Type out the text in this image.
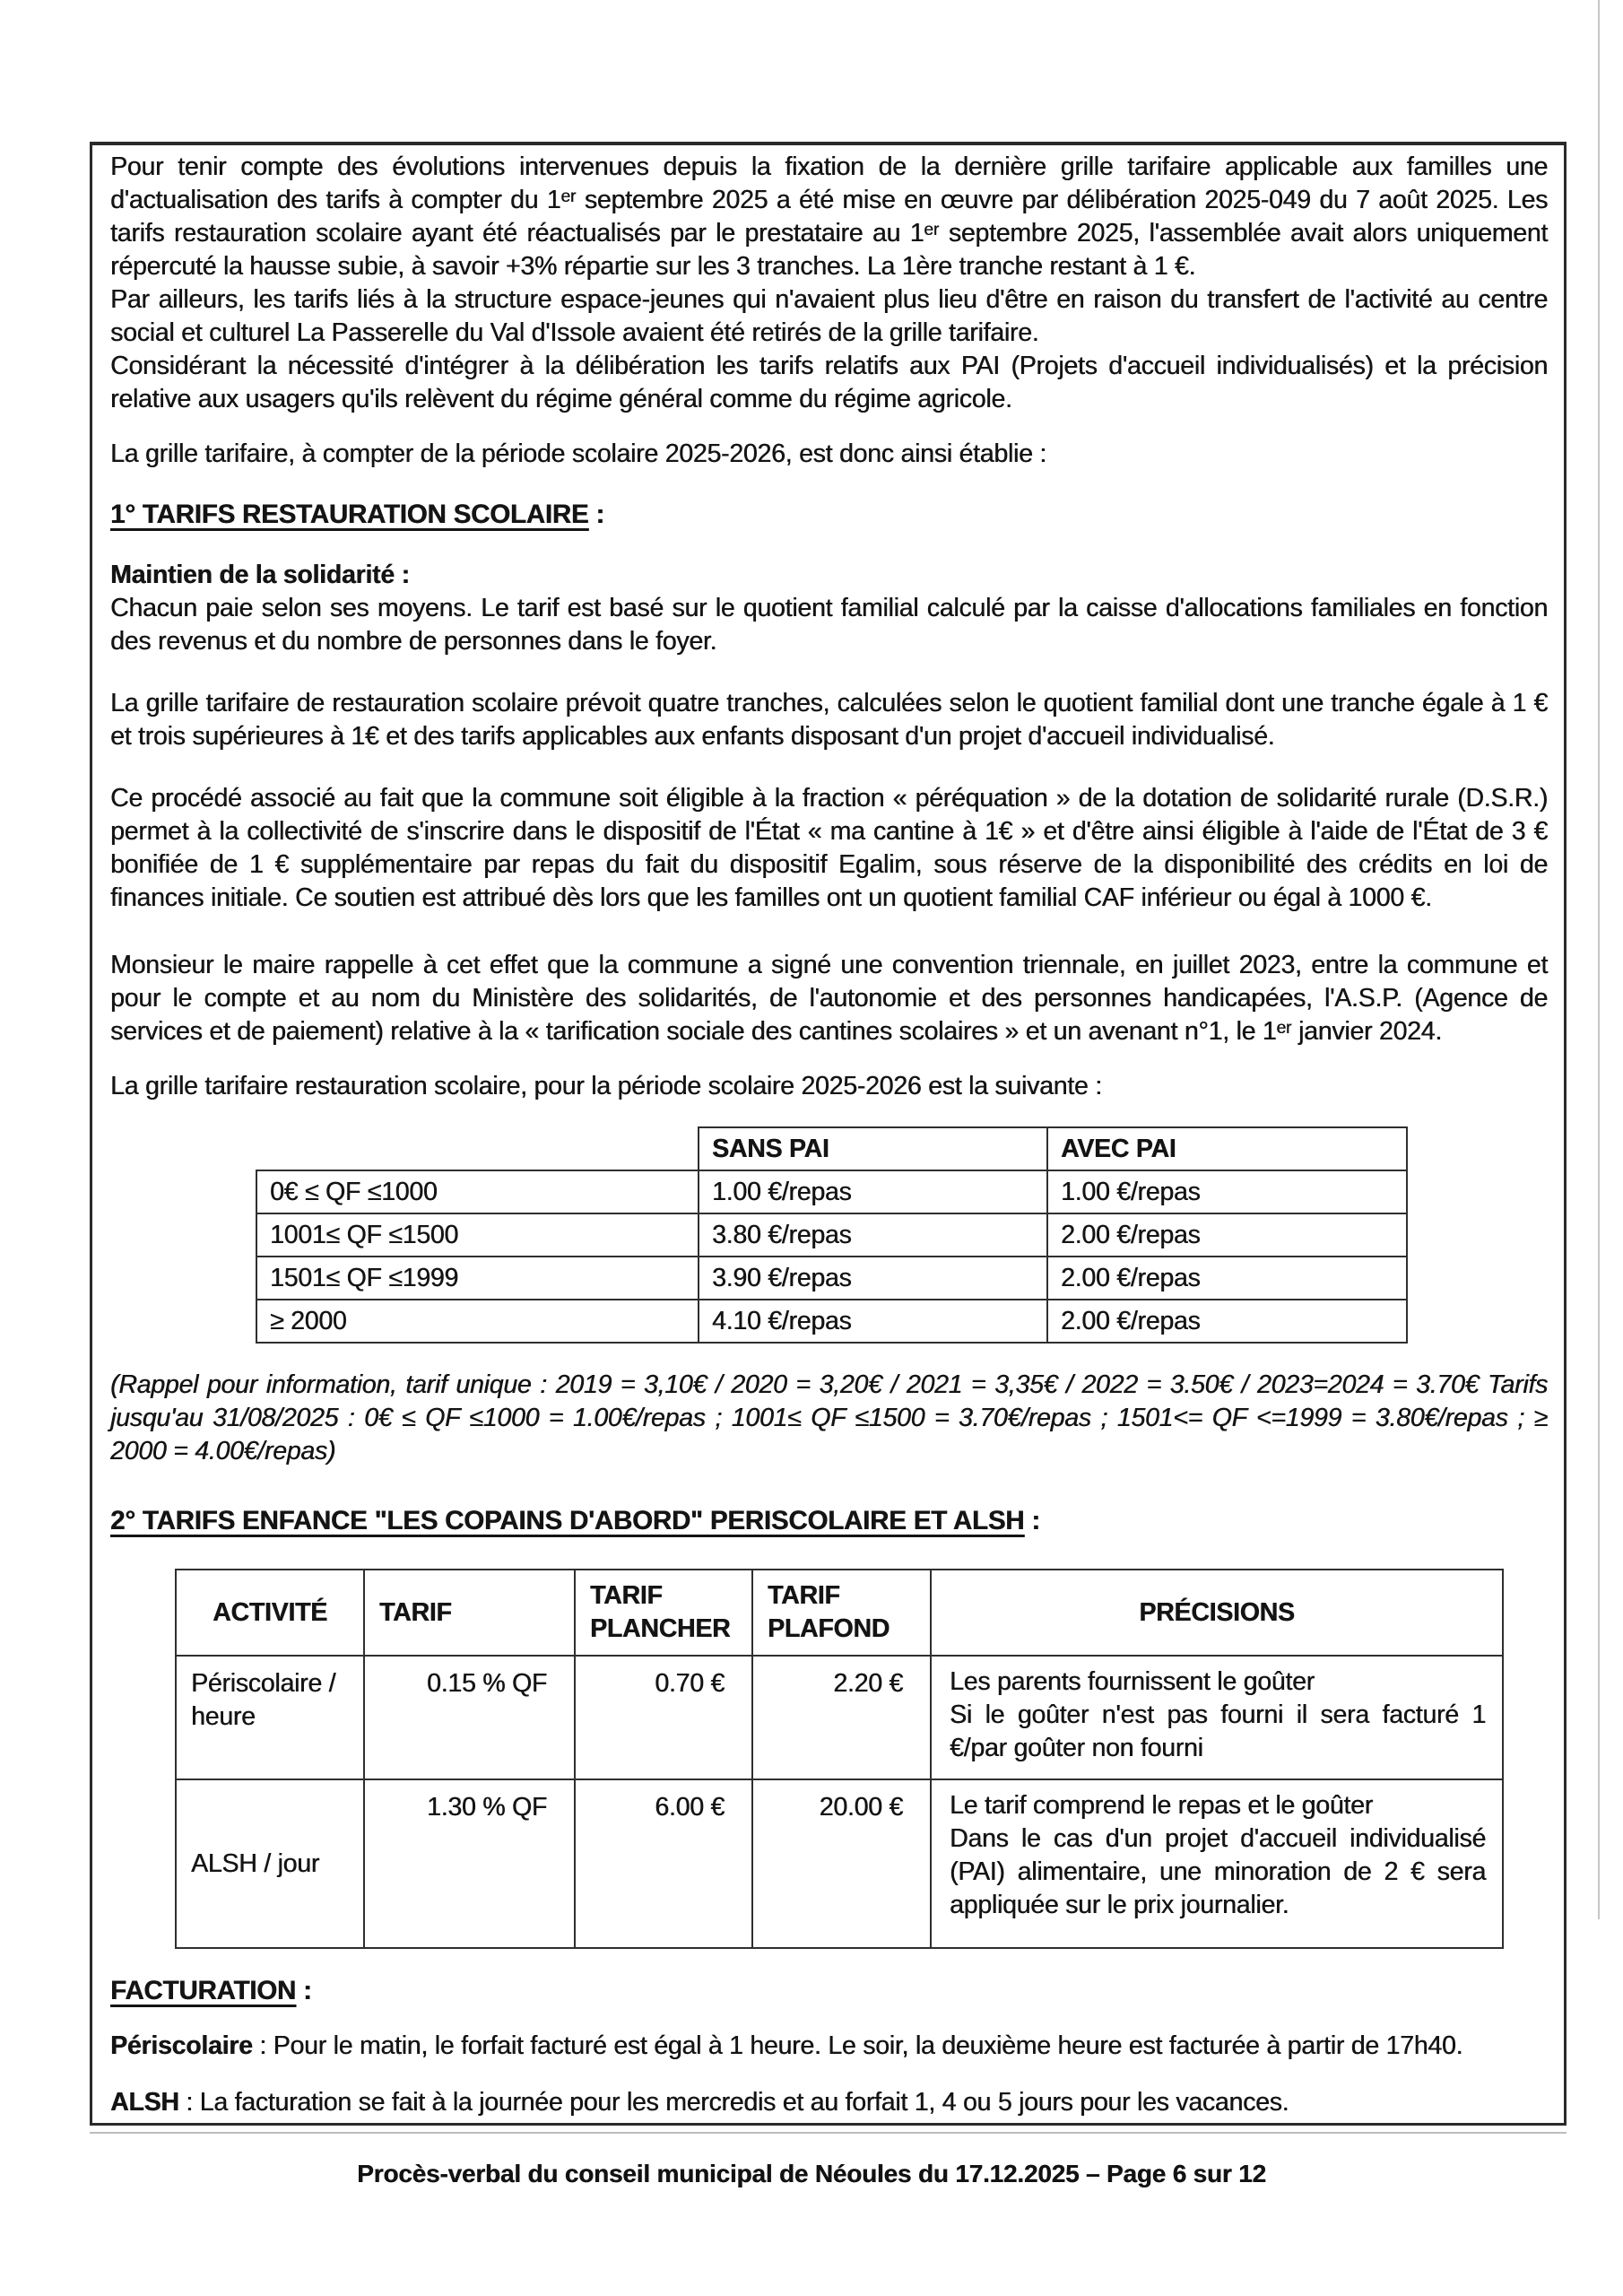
Pour tenir compte des évolutions intervenues depuis la fixation de la dernière grille tarifaire applicable aux familles une d'actualisation des tarifs à compter du 1ᵉʳ septembre 2025 a été mise en œuvre par délibération 2025-049 du 7 août 2025. Les tarifs restauration scolaire ayant été réactualisés par le prestataire au 1ᵉʳ septembre 2025, l'assemblée avait alors uniquement répercuté la hausse subie, à savoir +3% répartie sur les 3 tranches. La 1ère tranche restant à 1 €.

Par ailleurs, les tarifs liés à la structure espace-jeunes qui n'avaient plus lieu d'être en raison du transfert de l'activité au centre social et culturel La Passerelle du Val d'Issole avaient été retirés de la grille tarifaire.

Considérant la nécessité d'intégrer à la délibération les tarifs relatifs aux PAI (Projets d'accueil individualisés) et la précision relative aux usagers qu'ils relèvent du régime général comme du régime agricole.

La grille tarifaire, à compter de la période scolaire 2025-2026, est donc ainsi établie :

1° TARIFS RESTAURATION SCOLAIRE :

Maintien de la solidarité :

Chacun paie selon ses moyens. Le tarif est basé sur le quotient familial calculé par la caisse d'allocations familiales en fonction des revenus et du nombre de personnes dans le foyer.

La grille tarifaire de restauration scolaire prévoit quatre tranches, calculées selon le quotient familial dont une tranche égale à 1 € et trois supérieures à 1€ et des tarifs applicables aux enfants disposant d'un projet d'accueil individualisé.

Ce procédé associé au fait que la commune soit éligible à la fraction « péréquation » de la dotation de solidarité rurale (D.S.R.) permet à la collectivité de s'inscrire dans le dispositif de l'État « ma cantine à 1€ » et d'être ainsi éligible à l'aide de l'État de 3 € bonifiée de 1 € supplémentaire par repas du fait du dispositif Egalim, sous réserve de la disponibilité des crédits en loi de finances initiale. Ce soutien est attribué dès lors que les familles ont un quotient familial CAF inférieur ou égal à 1000 €.

Monsieur le maire rappelle à cet effet que la commune a signé une convention triennale, en juillet 2023, entre la commune et pour le compte et au nom du Ministère des solidarités, de l'autonomie et des personnes handicapées, l'A.S.P. (Agence de services et de paiement) relative à la « tarification sociale des cantines scolaires » et un avenant n°1, le 1ᵉʳ janvier 2024.

La grille tarifaire restauration scolaire, pour la période scolaire 2025-2026 est la suivante :

	SANS PAI	AVEC PAI
0€ ≤ QF ≤1000	1.00 €/repas	1.00 €/repas
1001≤ QF ≤1500	3.80 €/repas	2.00 €/repas
1501≤ QF ≤1999	3.90 €/repas	2.00 €/repas
≥ 2000	4.10 €/repas	2.00 €/repas

(Rappel pour information, tarif unique : 2019 = 3,10€ / 2020 = 3,20€ / 2021 = 3,35€ / 2022 = 3.50€ / 2023=2024 = 3.70€ Tarifs jusqu'au 31/08/2025 : 0€ ≤ QF ≤1000 = 1.00€/repas ; 1001≤ QF ≤1500 = 3.70€/repas ; 1501<= QF <=1999 = 3.80€/repas ; ≥ 2000 = 4.00€/repas)

2° TARIFS ENFANCE "LES COPAINS D'ABORD" PERISCOLAIRE ET ALSH :
ACTIVITÉ	TARIF	TARIF PLANCHER	TARIF PLAFOND	PRÉCISIONS
Périscolaire / heure	0.15 % QF	0.70 €	2.20 €	Les parents fournissent le goûter

Si le goûter n'est pas fourni il sera facturé 1 €/par goûter non fourni

ALSH / jour	1.30 % QF	6.00 €	20.00 €	Le tarif comprend le repas et le goûter

Dans le cas d'un projet d'accueil individualisé (PAI) alimentaire, une minoration de 2 € sera appliquée sur le prix journalier.

FACTURATION :

Périscolaire : Pour le matin, le forfait facturé est égal à 1 heure. Le soir, la deuxième heure est facturée à partir de 17h40.

ALSH : La facturation se fait à la journée pour les mercredis et au forfait 1, 4 ou 5 jours pour les vacances.

Procès-verbal du conseil municipal de Néoules du 17.12.2025 – Page 6 sur 12
